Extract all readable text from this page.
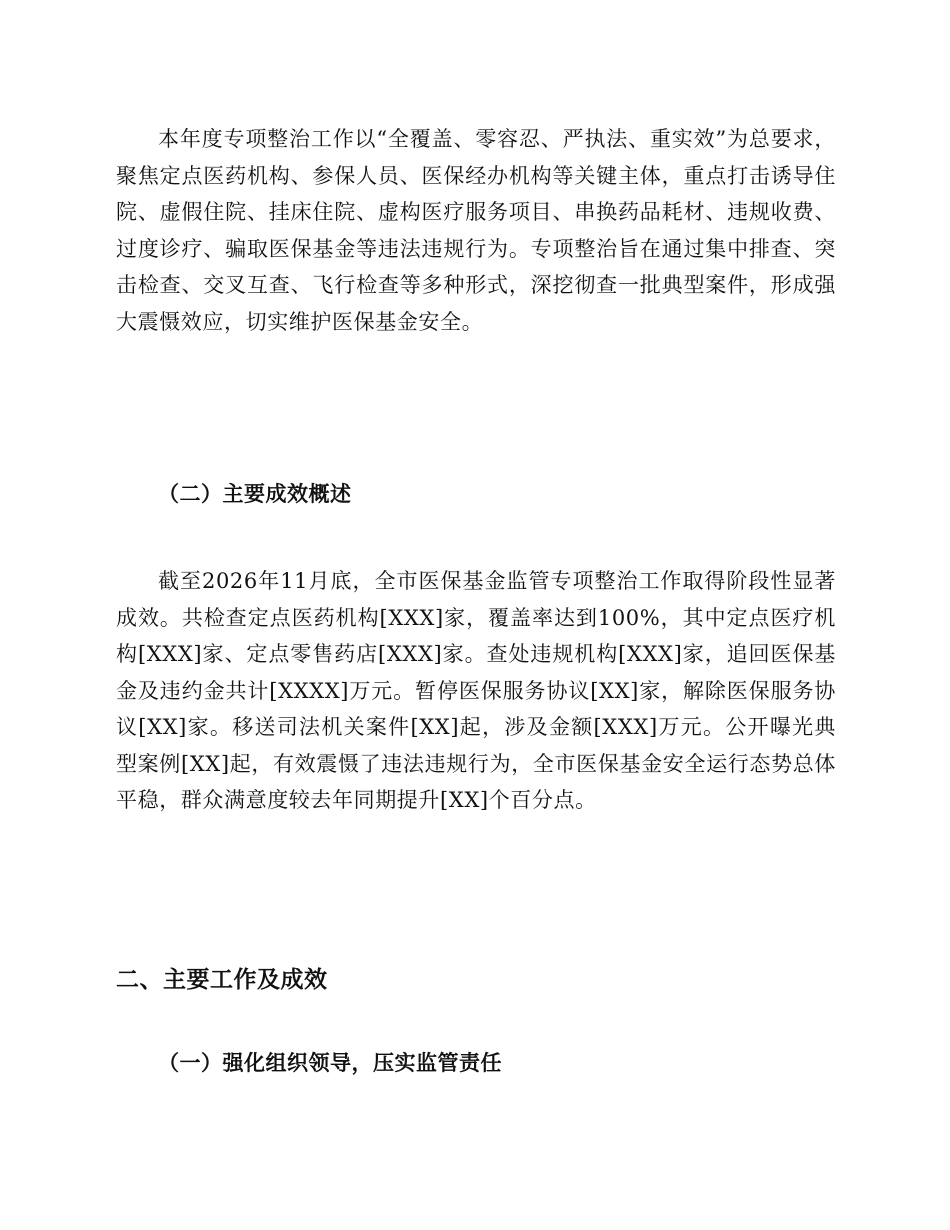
本年度专项整治工作以“全覆盖、零容忍、严执法、重实效”为总要求，聚焦定点医药机构、参保人员、医保经办机构等关键主体，重点打击诱导住院、虚假住院、挂床住院、虚构医疗服务项目、串换药品耗材、违规收费、过度诊疗、骗取医保基金等违法违规行为。专项整治旨在通过集中排查、突击检查、交叉互查、飞行检查等多种形式，深挖彻查一批典型案件，形成强大震慑效应，切实维护医保基金安全。

（二）主要成效概述

截至2026年11月底，全市医保基金监管专项整治工作取得阶段性显著成效。共检查定点医药机构[XXX]家，覆盖率达到100%，其中定点医疗机构[XXX]家、定点零售药店[XXX]家。查处违规机构[XXX]家，追回医保基金及违约金共计[XXXX]万元。暂停医保服务协议[XX]家，解除医保服务协议[XX]家。移送司法机关案件[XX]起，涉及金额[XXX]万元。公开曝光典型案例[XX]起，有效震慑了违法违规行为，全市医保基金安全运行态势总体平稳，群众满意度较去年同期提升[XX]个百分点。

二、主要工作及成效
（一）强化组织领导，压实监管责任
